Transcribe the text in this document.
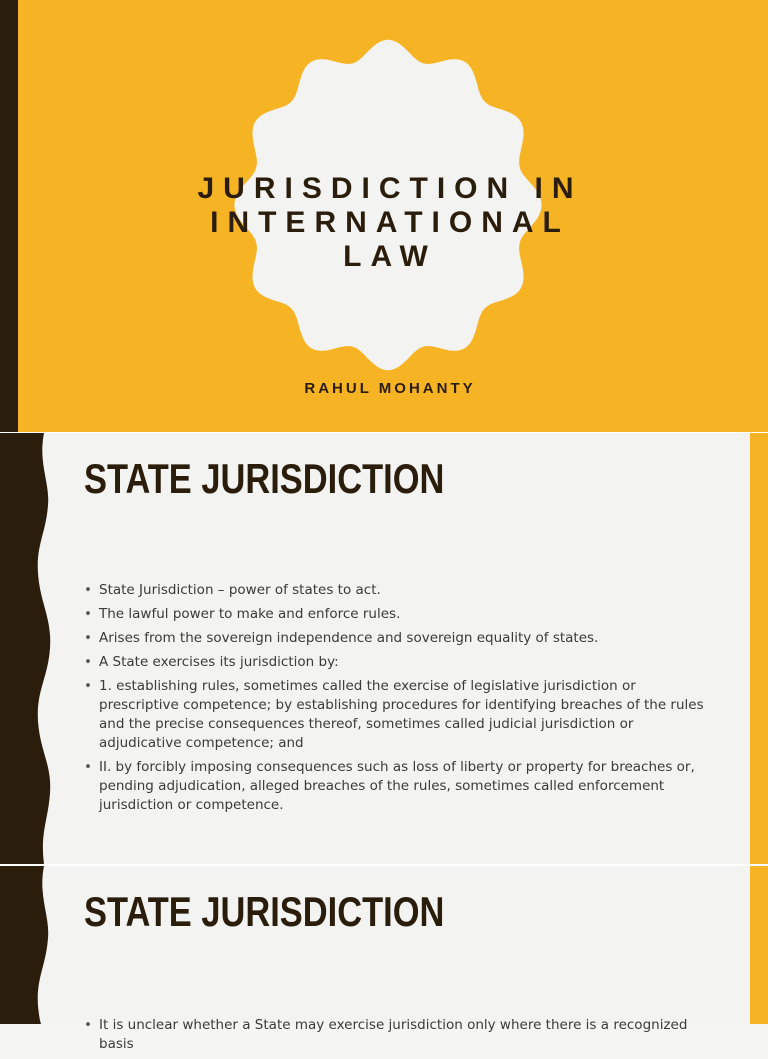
JURISDICTION IN
INTERNATIONAL LAW
RAHUL MOHANTY
STATE JURISDICTION
• State Jurisdiction – power of states to act.
• The lawful power to make and enforce rules.
• Arises from the sovereign independence and sovereign equality of states.
• A State exercises its jurisdiction by:
• 1. establishing rules, sometimes called the exercise of legislative jurisdiction or prescriptive competence; by establishing procedures for identifying breaches of the rules and the precise consequences thereof, sometimes called judicial jurisdiction or adjudicative competence; and
• II. by forcibly imposing consequences such as loss of liberty or property for breaches or, pending adjudication, alleged breaches of the rules, sometimes called enforcement jurisdiction or competence.
STATE JURISDICTION
• It is unclear whether a State may exercise jurisdiction only where there is a recognized basis
